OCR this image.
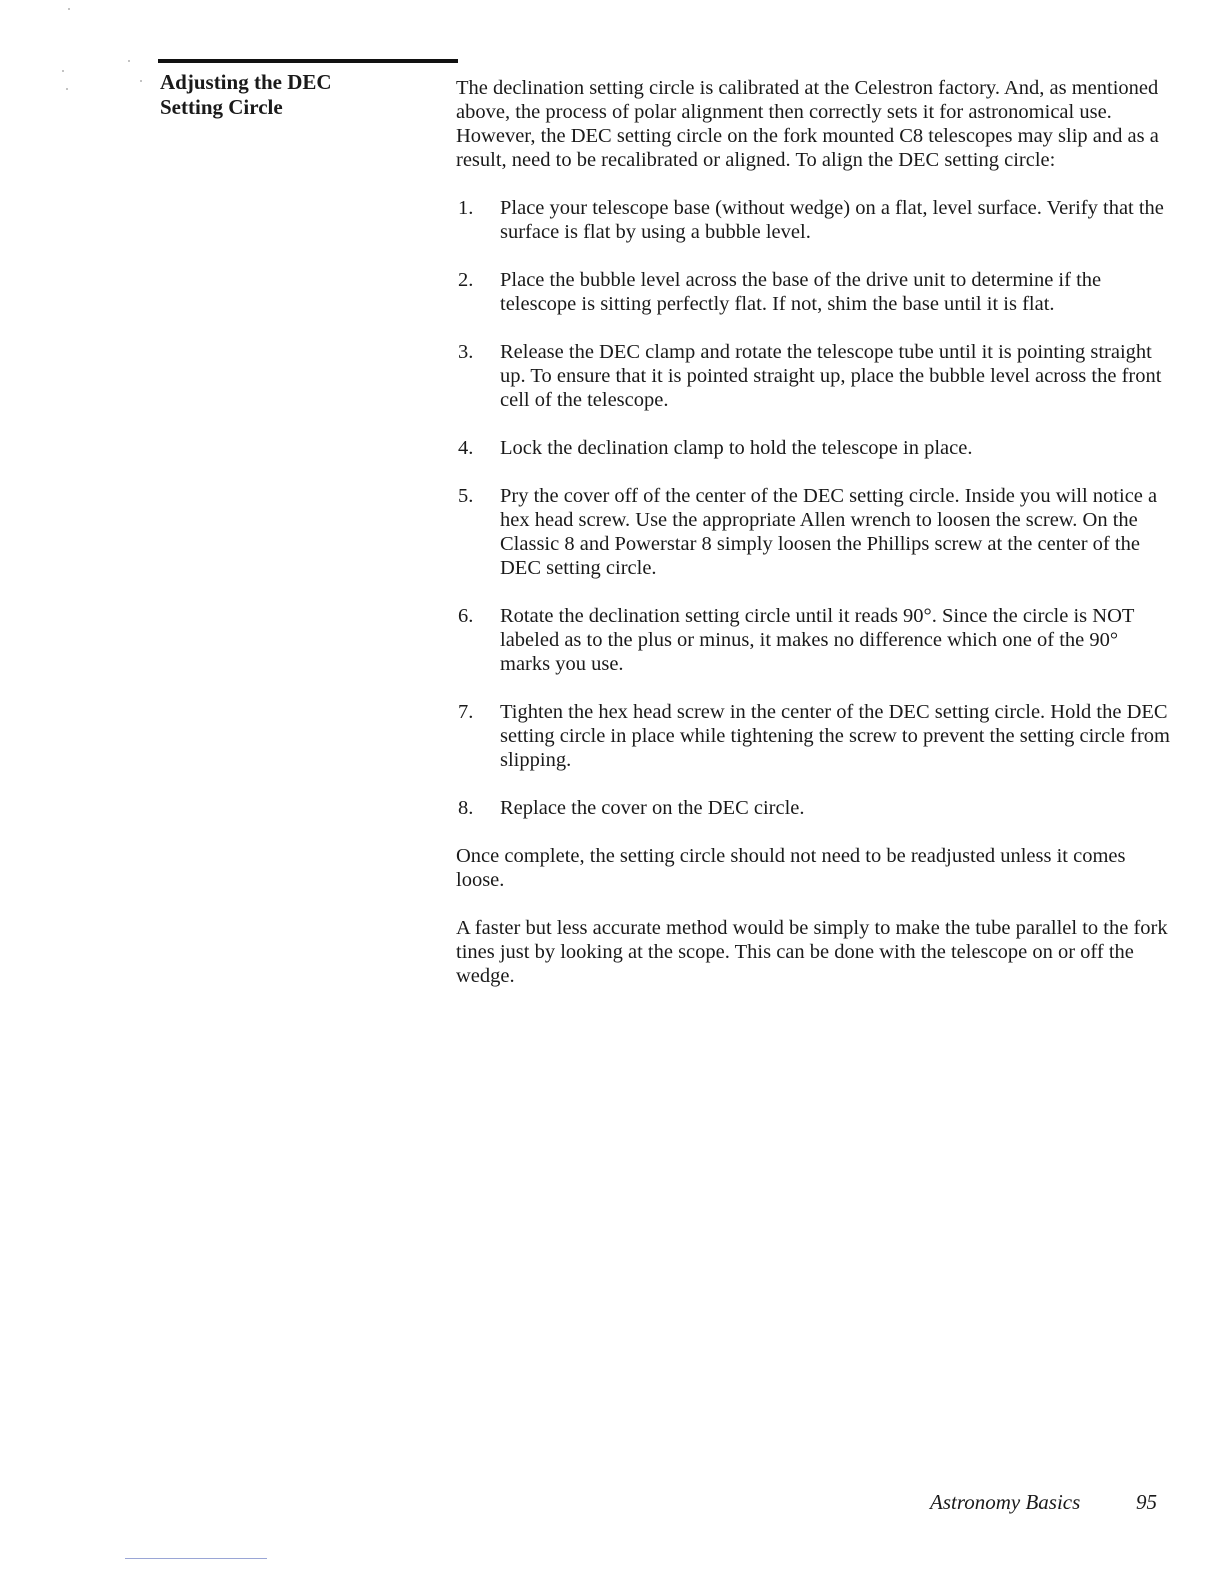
Adjusting the DEC
Setting Circle

The declination setting circle is calibrated at the Celestron factory. And, as mentioned above, the process of polar alignment then correctly sets it for astronomical use. However, the DEC setting circle on the fork mounted C8 telescopes may slip and as a result, need to be recalibrated or aligned. To align the DEC setting circle:

1.	Place your telescope base (without wedge) on a flat, level surface. Verify that the surface is flat by using a bubble level.
2.	Place the bubble level across the base of the drive unit to determine if the telescope is sitting perfectly flat. If not, shim the base until it is flat.
3.	Release the DEC clamp and rotate the telescope tube until it is pointing straight up. To ensure that it is pointed straight up, place the bubble level across the front cell of the telescope.
4.	Lock the declination clamp to hold the telescope in place.
5.	Pry the cover off of the center of the DEC setting circle. Inside you will notice a hex head screw. Use the appropriate Allen wrench to loosen the screw. On the Classic 8 and Powerstar 8 simply loosen the Phillips screw at the center of the DEC setting circle.
6.	Rotate the declination setting circle until it reads 90°. Since the circle is NOT labeled as to the plus or minus, it makes no difference which one of the 90° marks you use.
7.	Tighten the hex head screw in the center of the DEC setting circle. Hold the DEC setting circle in place while tightening the screw to prevent the setting circle from slipping.
8.	Replace the cover on the DEC circle.

Once complete, the setting circle should not need to be readjusted unless it comes loose.

A faster but less accurate method would be simply to make the tube parallel to the fork tines just by looking at the scope. This can be done with the telescope on or off the wedge.

Astronomy Basics	95
